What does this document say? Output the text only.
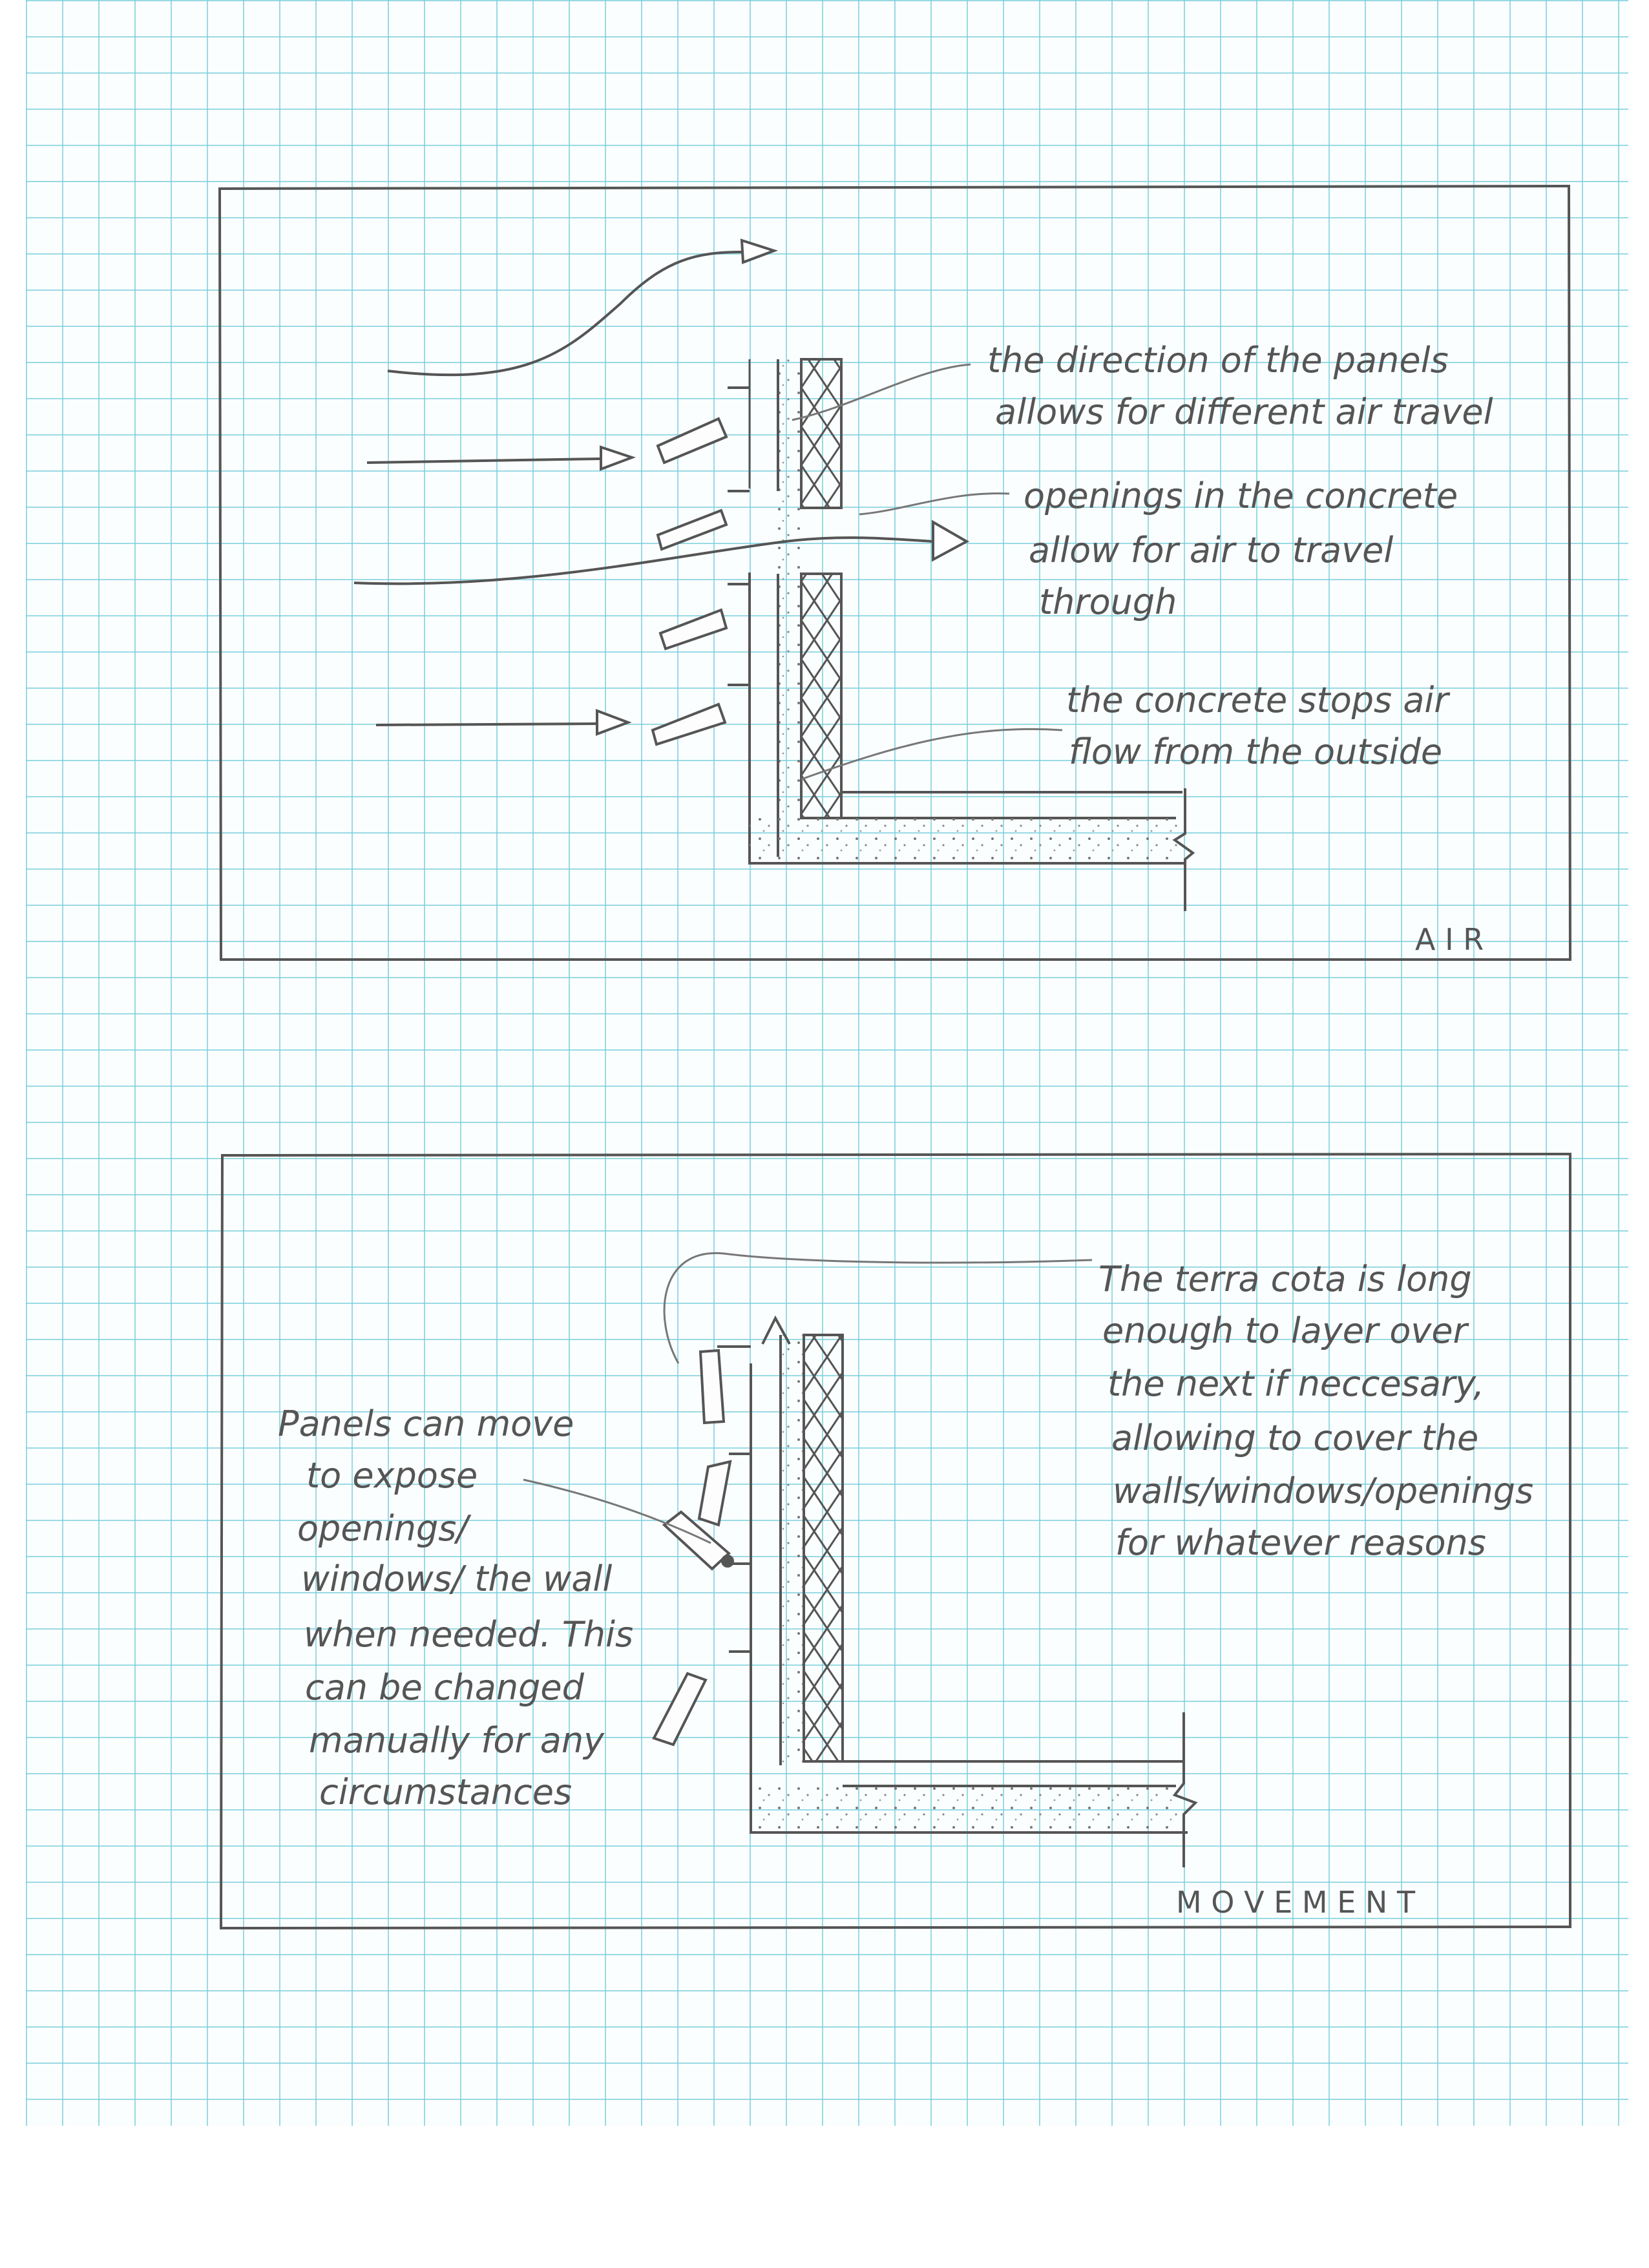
the direction of the panels
allows for different air travel
openings in the concrete
allow for air to travel
through
the concrete stops air
flow from the outside
A I R
The terra cota is long
enough to layer over
the next if neccesary,
allowing to cover the
walls/windows/openings
for whatever reasons
Panels can move
to expose
openings/
windows/ the wall
when needed. This
can be changed
manually for any
circumstances
M O V E M E N T
